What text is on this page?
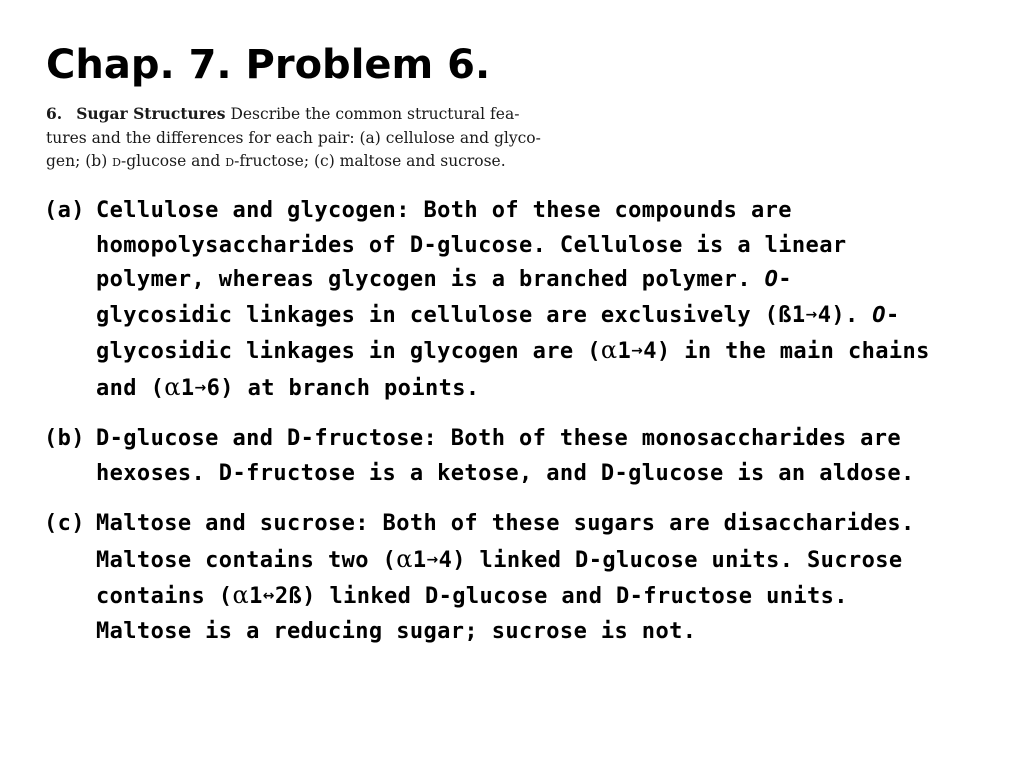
Chap. 7. Problem 6.
6. Sugar Structures Describe the common structural fea-
tures and the differences for each pair: (a) cellulose and glyco-
gen; (b) D-glucose and D-fructose; (c) maltose and sucrose.
(a) Cellulose and glycogen: Both of these compounds are
homopolysaccharides of D-glucose. Cellulose is a linear
polymer, whereas glycogen is a branched polymer. O-
glycosidic linkages in cellulose are exclusively (ß1→4). O-
glycosidic linkages in glycogen are (α1→4) in the main chains
and (α1→6) at branch points.
(b) D-glucose and D-fructose: Both of these monosaccharides are
hexoses. D-fructose is a ketose, and D-glucose is an aldose.
(c) Maltose and sucrose: Both of these sugars are disaccharides.
Maltose contains two (α1→4) linked D-glucose units. Sucrose
contains (α1↔2ß) linked D-glucose and D-fructose units.
Maltose is a reducing sugar; sucrose is not.
